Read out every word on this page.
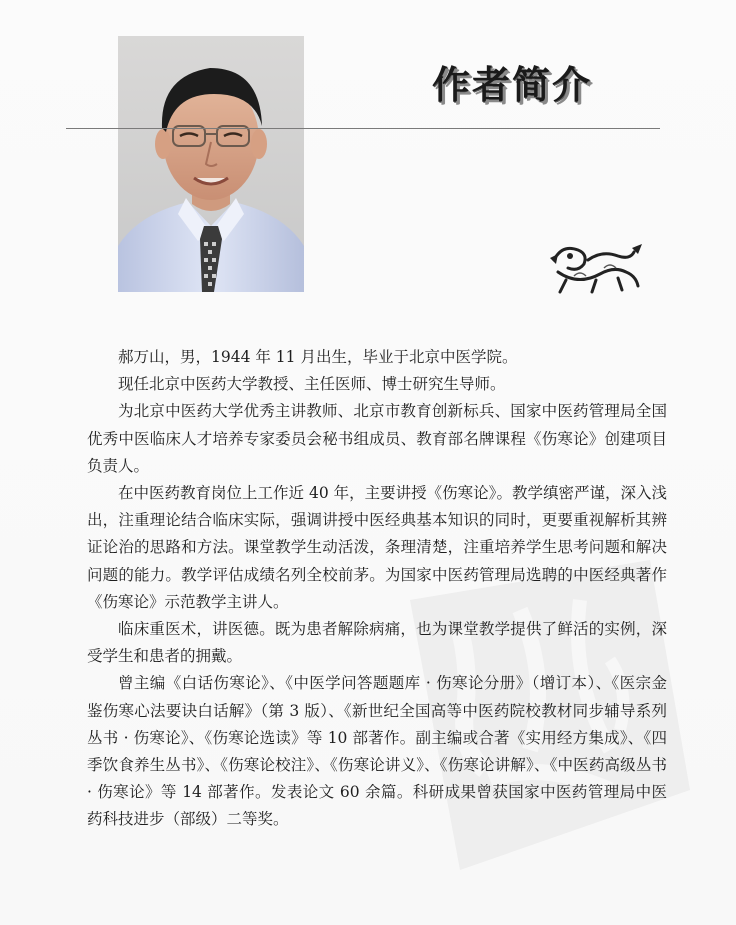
作者简介

郝万山，男，1944 年 11 月出生，毕业于北京中医学院。

现任北京中医药大学教授、主任医师、博士研究生导师。

为北京中医药大学优秀主讲教师、北京市教育创新标兵、国家中医药管理局全国优秀中医临床人才培养专家委员会秘书组成员、教育部名牌课程《伤寒论》创建项目负责人。

在中医药教育岗位上工作近 40 年，主要讲授《伤寒论》。教学缜密严谨，深入浅出，注重理论结合临床实际，强调讲授中医经典基本知识的同时，更要重视解析其辨证论治的思路和方法。课堂教学生动活泼，条理清楚，注重培养学生思考问题和解决问题的能力。教学评估成绩名列全校前茅。为国家中医药管理局选聘的中医经典著作《伤寒论》示范教学主讲人。

临床重医术，讲医德。既为患者解除病痛，也为课堂教学提供了鲜活的实例，深受学生和患者的拥戴。

曾主编《白话伤寒论》、《中医学问答题题库 · 伤寒论分册》（增订本）、《医宗金鉴伤寒心法要诀白话解》（第 3 版）、《新世纪全国高等中医药院校教材同步辅导系列丛书 · 伤寒论》、《伤寒论选读》等 10 部著作。副主编或合著《实用经方集成》、《四季饮食养生丛书》、《伤寒论校注》、《伤寒论讲义》、《伤寒论讲解》、《中医药高级丛书 · 伤寒论》等 14 部著作。发表论文 60 余篇。科研成果曾获国家中医药管理局中医药科技进步（部级）二等奖。
